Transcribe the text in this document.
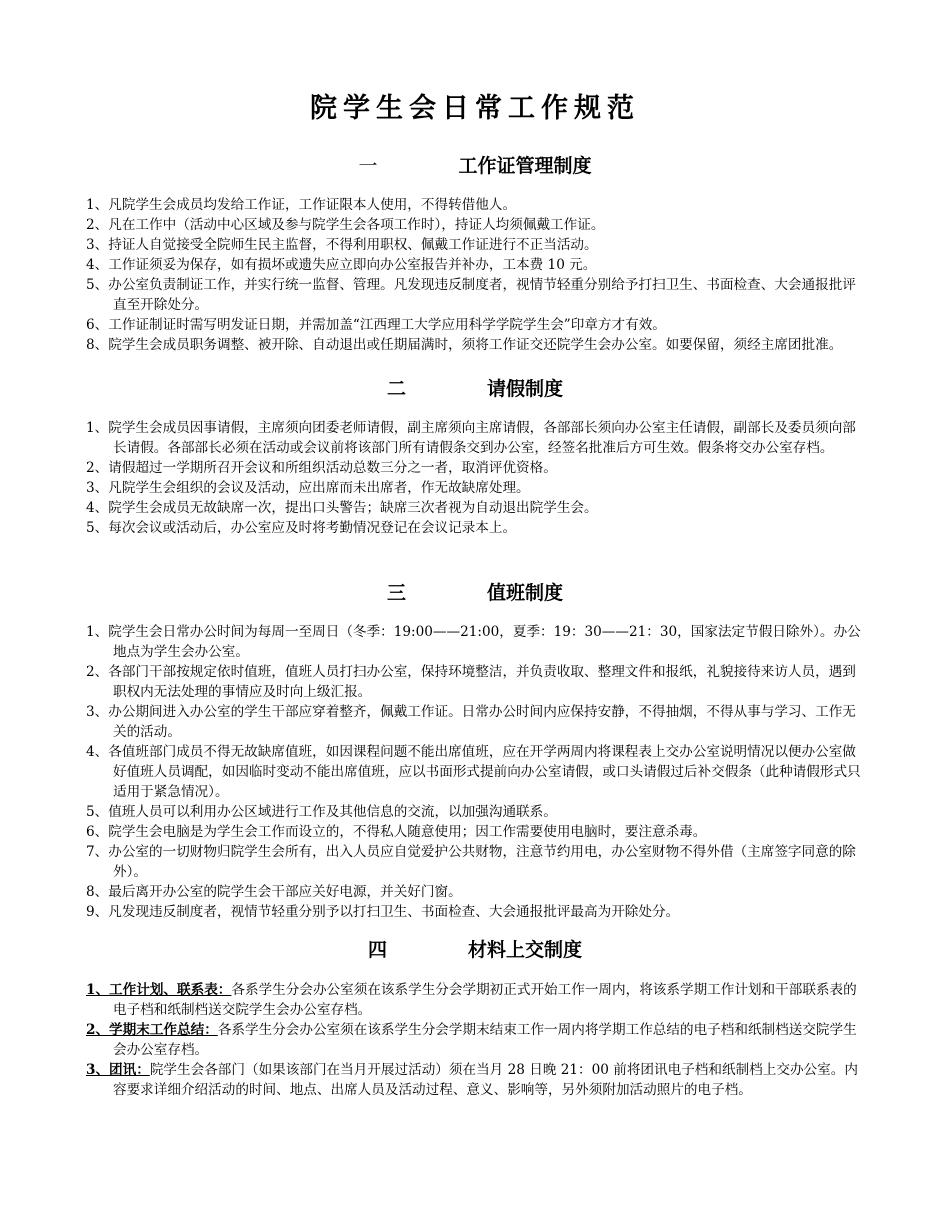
院学生会日常工作规范
一	工作证管理制度
1、凡院学生会成员均发给工作证，工作证限本人使用，不得转借他人。
2、凡在工作中（活动中心区域及参与院学生会各项工作时），持证人均须佩戴工作证。
3、持证人自觉接受全院师生民主监督，不得利用职权、佩戴工作证进行不正当活动。
4、工作证须妥为保存，如有损坏或遗失应立即向办公室报告并补办，工本费 10 元。
5、办公室负责制证工作，并实行统一监督、管理。凡发现违反制度者，视情节轻重分别给予打扫卫生、书面检查、大会通报批评直至开除处分。
6、工作证制证时需写明发证日期，并需加盖“江西理工大学应用科学学院学生会”印章方才有效。
8、院学生会成员职务调整、被开除、自动退出或任期届满时，须将工作证交还院学生会办公室。如要保留，须经主席团批准。
二	请假制度
1、院学生会成员因事请假，主席须向团委老师请假，副主席须向主席请假，各部部长须向办公室主任请假，副部长及委员须向部长请假。各部部长必须在活动或会议前将该部门所有请假条交到办公室，经签名批准后方可生效。假条将交办公室存档。
2、请假超过一学期所召开会议和所组织活动总数三分之一者，取消评优资格。
3、凡院学生会组织的会议及活动，应出席而未出席者，作无故缺席处理。
4、院学生会成员无故缺席一次，提出口头警告；缺席三次者视为自动退出院学生会。
5、每次会议或活动后，办公室应及时将考勤情况登记在会议记录本上。
三	值班制度
1、院学生会日常办公时间为每周一至周日（冬季：19:00——21:00，夏季：19：30——21：30，国家法定节假日除外）。办公地点为学生会办公室。
2、各部门干部按规定依时值班，值班人员打扫办公室，保持环境整洁，并负责收取、整理文件和报纸，礼貌接待来访人员，遇到职权内无法处理的事情应及时向上级汇报。
3、办公期间进入办公室的学生干部应穿着整齐，佩戴工作证。日常办公时间内应保持安静，不得抽烟，不得从事与学习、工作无关的活动。
4、各值班部门成员不得无故缺席值班，如因课程问题不能出席值班，应在开学两周内将课程表上交办公室说明情况以便办公室做好值班人员调配，如因临时变动不能出席值班，应以书面形式提前向办公室请假，或口头请假过后补交假条（此种请假形式只适用于紧急情况）。
5、值班人员可以利用办公区域进行工作及其他信息的交流，以加强沟通联系。
6、院学生会电脑是为学生会工作而设立的，不得私人随意使用；因工作需要使用电脑时，要注意杀毒。
7、办公室的一切财物归院学生会所有，出入人员应自觉爱护公共财物，注意节约用电，办公室财物不得外借（主席签字同意的除外）。
8、最后离开办公室的院学生会干部应关好电源，并关好门窗。
9、凡发现违反制度者，视情节轻重分别予以打扫卫生、书面检查、大会通报批评最高为开除处分。
四	材料上交制度
1、工作计划、联系表：各系学生分会办公室须在该系学生分会学期初正式开始工作一周内，将该系学期工作计划和干部联系表的电子档和纸制档送交院学生会办公室存档。
2、学期末工作总结：各系学生分会办公室须在该系学生分会学期末结束工作一周内将学期工作总结的电子档和纸制档送交院学生会办公室存档。
3、团讯：院学生会各部门（如果该部门在当月开展过活动）须在当月 28 日晚 21：00 前将团讯电子档和纸制档上交办公室。内容要求详细介绍活动的时间、地点、出席人员及活动过程、意义、影响等，另外须附加活动照片的电子档。
